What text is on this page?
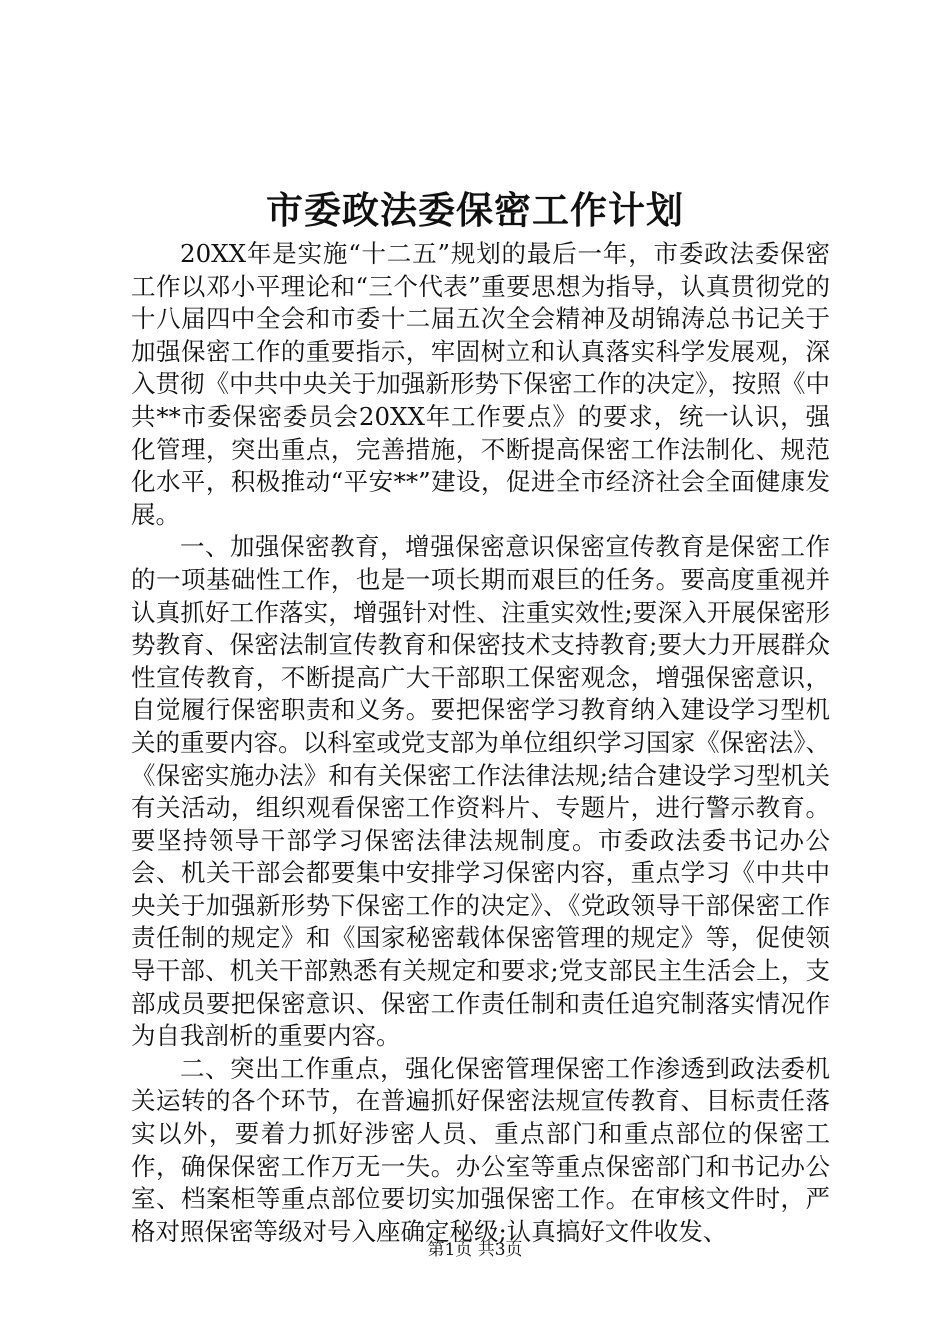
市委政法委保密工作计划

20XX年是实施“十二五”规划的最后一年，市委政法委保密工作以邓小平理论和“三个代表”重要思想为指导，认真贯彻党的十八届四中全会和市委十二届五次全会精神及胡锦涛总书记关于加强保密工作的重要指示，牢固树立和认真落实科学发展观，深入贯彻《中共中央关于加强新形势下保密工作的决定》，按照《中共**市委保密委员会20XX年工作要点》的要求，统一认识，强化管理，突出重点，完善措施，不断提高保密工作法制化、规范化水平，积极推动“平安**”建设，促进全市经济社会全面健康发展。

一、加强保密教育，增强保密意识保密宣传教育是保密工作的一项基础性工作，也是一项长期而艰巨的任务。要高度重视并认真抓好工作落实，增强针对性、注重实效性;要深入开展保密形势教育、保密法制宣传教育和保密技术支持教育;要大力开展群众性宣传教育，不断提高广大干部职工保密观念，增强保密意识，自觉履行保密职责和义务。要把保密学习教育纳入建设学习型机关的重要内容。以科室或党支部为单位组织学习国家《保密法》、《保密实施办法》和有关保密工作法律法规;结合建设学习型机关有关活动，组织观看保密工作资料片、专题片，进行警示教育。要坚持领导干部学习保密法律法规制度。市委政法委书记办公会、机关干部会都要集中安排学习保密内容，重点学习《中共中央关于加强新形势下保密工作的决定》、《党政领导干部保密工作责任制的规定》和《国家秘密载体保密管理的规定》等，促使领导干部、机关干部熟悉有关规定和要求;党支部民主生活会上，支部成员要把保密意识、保密工作责任制和责任追究制落实情况作为自我剖析的重要内容。

二、突出工作重点，强化保密管理保密工作渗透到政法委机关运转的各个环节，在普遍抓好保密法规宣传教育、目标责任落实以外，要着力抓好涉密人员、重点部门和重点部位的保密工作，确保保密工作万无一失。办公室等重点保密部门和书记办公室、档案柜等重点部位要切实加强保密工作。在审核文件时，严格对照保密等级对号入座确定秘级;认真搞好文件收发、

第1页 共3页
